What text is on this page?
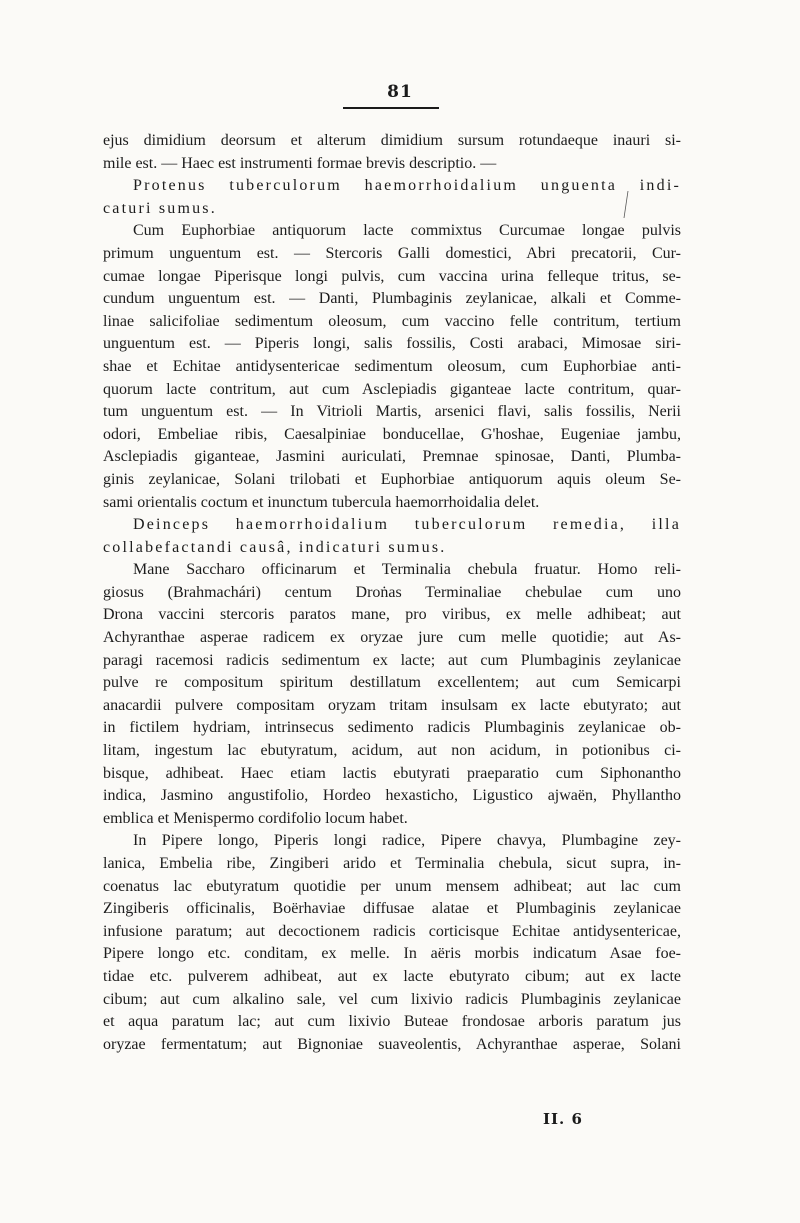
81

ejus dimidium deorsum et alterum dimidium sursum rotundaeque inauri si-

mile est. — Haec est instrumenti formae brevis descriptio. —

Protenus tuberculorum haemorrhoidalium unguenta indi-

caturi sumus.

Cum Euphorbiae antiquorum lacte commixtus Curcumae longae pulvis

primum unguentum est. — Stercoris Galli domestici, Abri precatorii, Cur-

cumae longae Piperisque longi pulvis, cum vaccina urina felleque tritus, se-

cundum unguentum est. — Danti, Plumbaginis zeylanicae, alkali et Comme-

linae salicifoliae sedimentum oleosum, cum vaccino felle contritum, tertium

unguentum est. — Piperis longi, salis fossilis, Costi arabaci, Mimosae siri-

shae et Echitae antidysentericae sedimentum oleosum, cum Euphorbiae anti-

quorum lacte contritum, aut cum Asclepiadis giganteae lacte contritum, quar-

tum unguentum est. — In Vitrioli Martis, arsenici flavi, salis fossilis, Nerii

odori, Embeliae ribis, Caesalpiniae bonducellae, G'hoshae, Eugeniae jambu,

Asclepiadis giganteae, Jasmini auriculati, Premnae spinosae, Danti, Plumba-

ginis zeylanicae, Solani trilobati et Euphorbiae antiquorum aquis oleum Se-

sami orientalis coctum et inunctum tubercula haemorrhoidalia delet.

Deinceps haemorrhoidalium tuberculorum remedia, illa

collabefactandi causâ, indicaturi sumus.

Mane Saccharo officinarum et Terminalia chebula fruatur. Homo reli-

giosus (Brahmachári) centum Droṅas Terminaliae chebulae cum uno

Drona vaccini stercoris paratos mane, pro viribus, ex melle adhibeat; aut

Achyranthae asperae radicem ex oryzae jure cum melle quotidie; aut As-

paragi racemosi radicis sedimentum ex lacte; aut cum Plumbaginis zeylanicae

pulve re compositum spiritum destillatum excellentem; aut cum Semicarpi

anacardii pulvere compositam oryzam tritam insulsam ex lacte ebutyrato; aut

in fictilem hydriam, intrinsecus sedimento radicis Plumbaginis zeylanicae ob-

litam, ingestum lac ebutyratum, acidum, aut non acidum, in potionibus ci-

bisque, adhibeat. Haec etiam lactis ebutyrati praeparatio cum Siphonantho

indica, Jasmino angustifolio, Hordeo hexasticho, Ligustico ajwaën, Phyllantho

emblica et Menispermo cordifolio locum habet.

In Pipere longo, Piperis longi radice, Pipere chavya, Plumbagine zey-

lanica, Embelia ribe, Zingiberi arido et Terminalia chebula, sicut supra, in-

coenatus lac ebutyratum quotidie per unum mensem adhibeat; aut lac cum

Zingiberis officinalis, Boërhaviae diffusae alatae et Plumbaginis zeylanicae

infusione paratum; aut decoctionem radicis corticisque Echitae antidysentericae,

Pipere longo etc. conditam, ex melle. In aëris morbis indicatum Asae foe-

tidae etc. pulverem adhibeat, aut ex lacte ebutyrato cibum; aut ex lacte

cibum; aut cum alkalino sale, vel cum lixivio radicis Plumbaginis zeylanicae

et aqua paratum lac; aut cum lixivio Buteae frondosae arboris paratum jus

oryzae fermentatum; aut Bignoniae suaveolentis, Achyranthae asperae, Solani

II. 6
